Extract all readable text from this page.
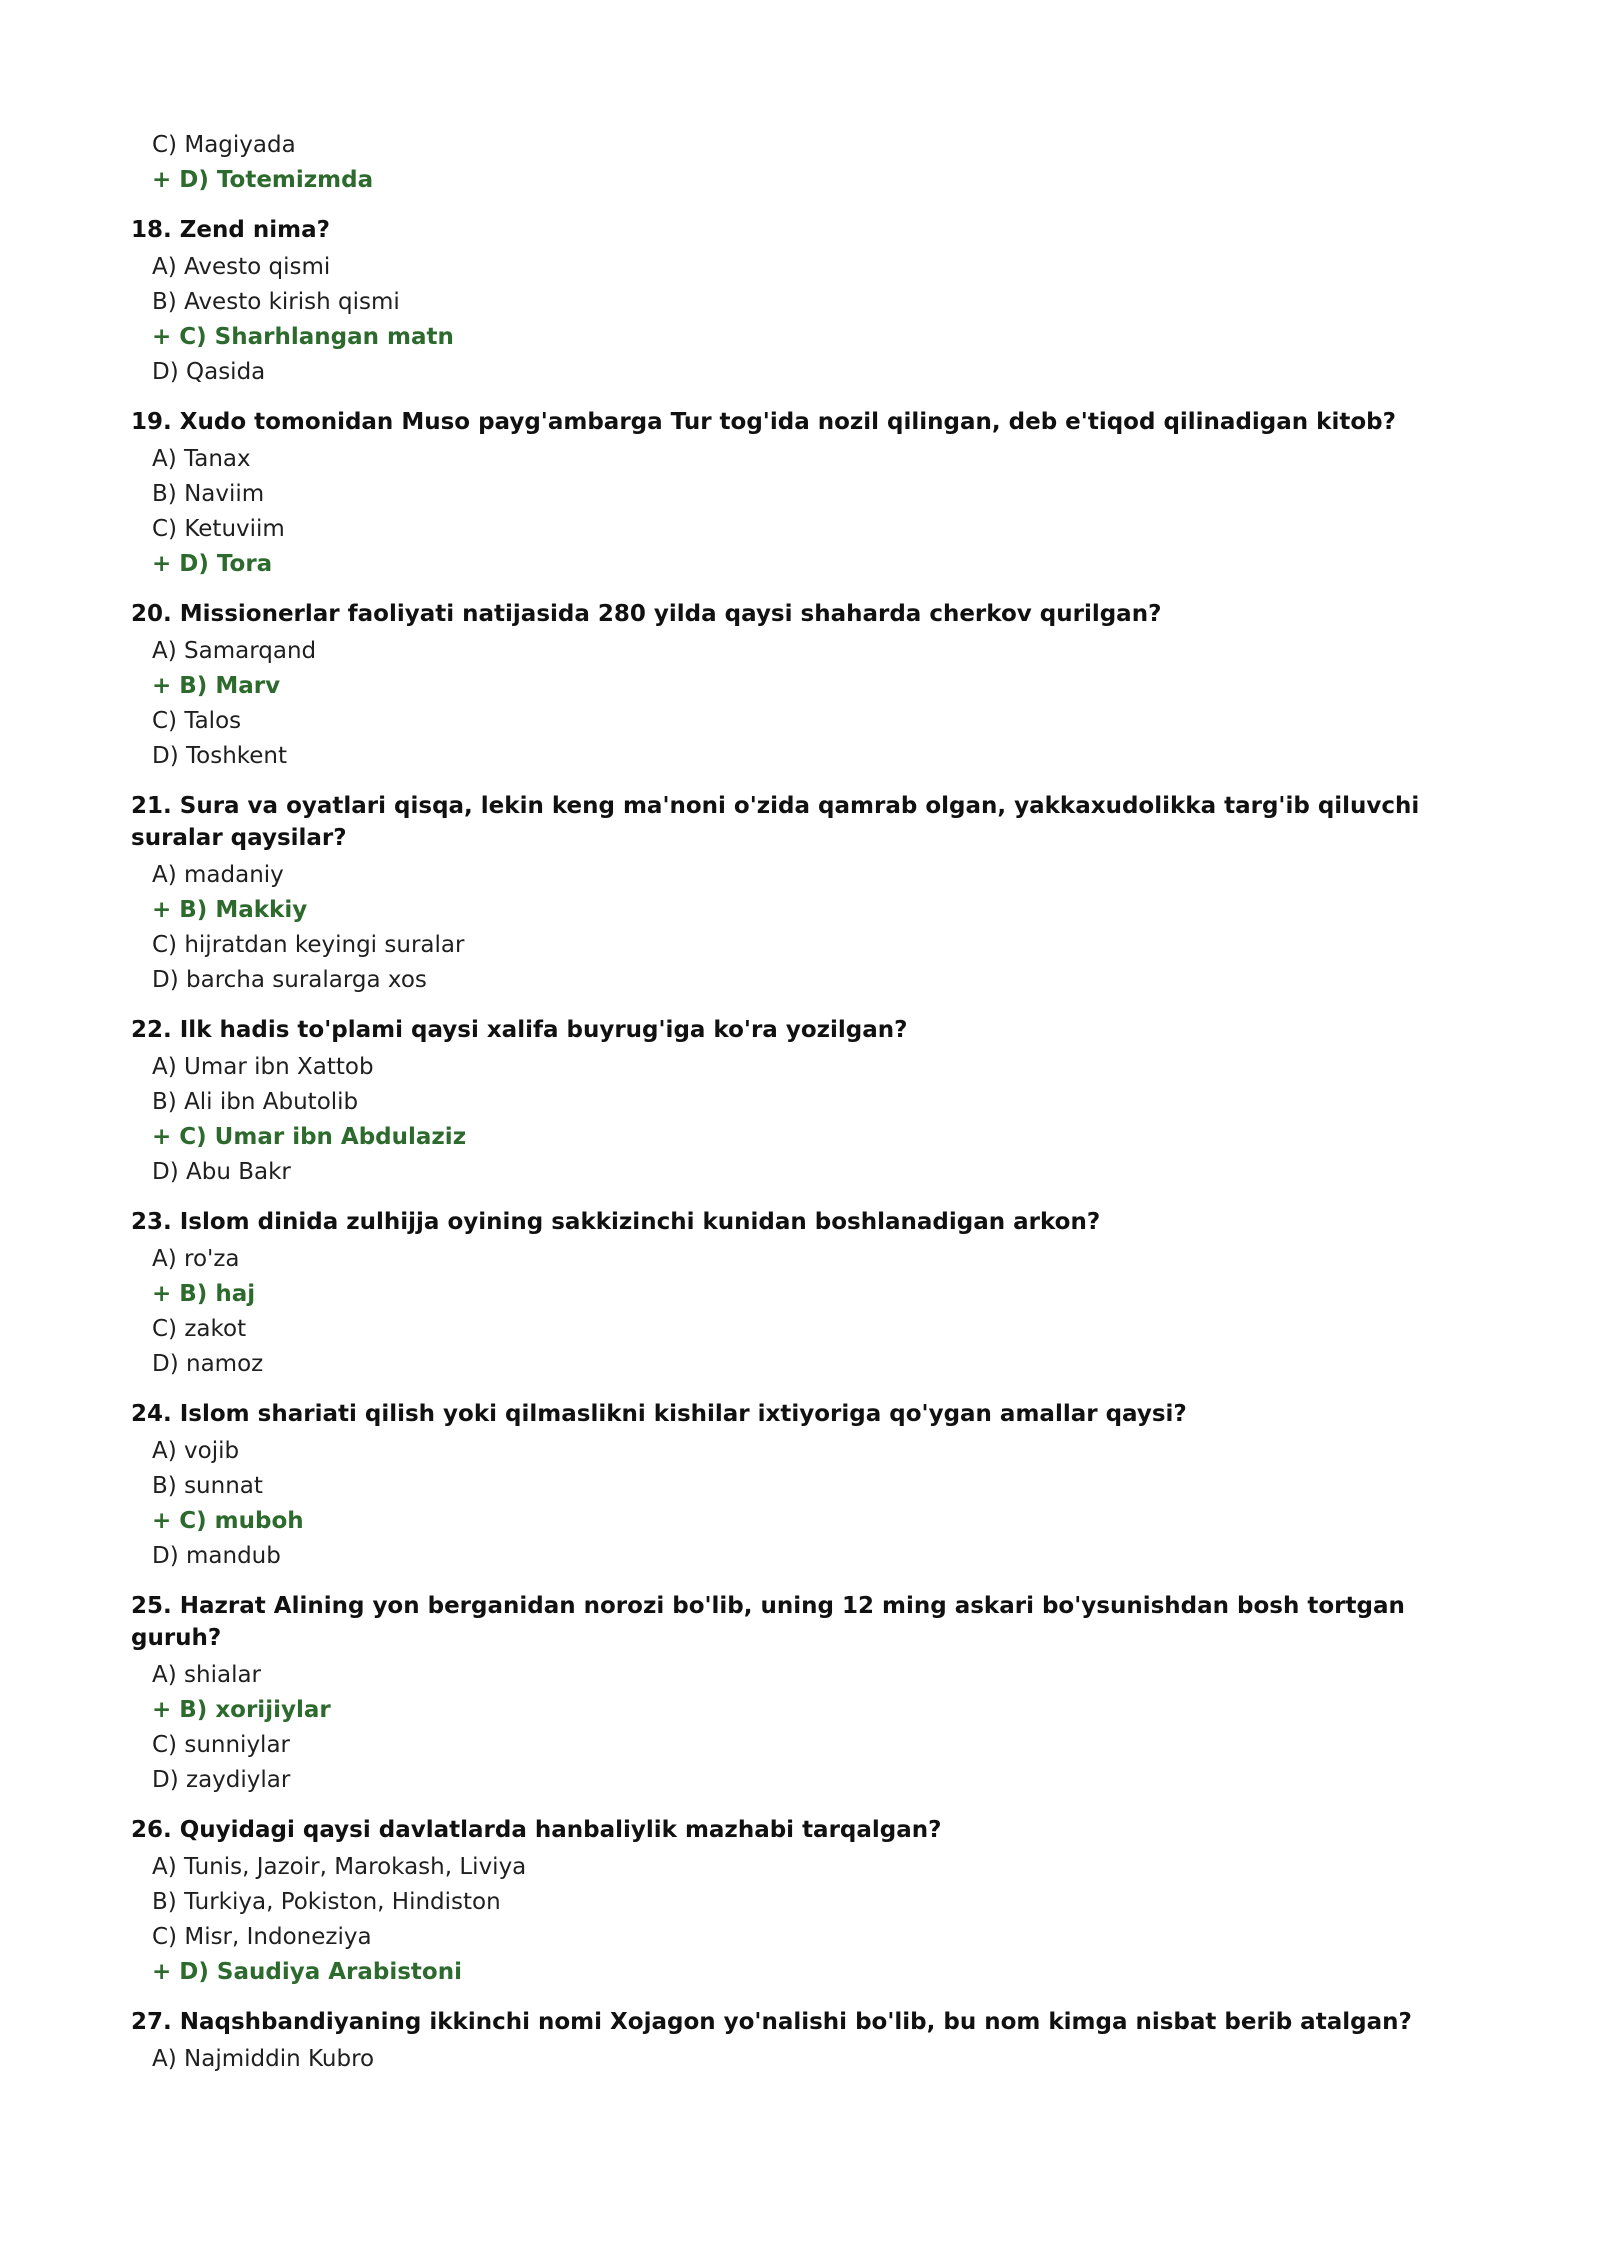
C) Magiyada
+ D) Totemizmda
18. Zend nima?
A) Avesto qismi
B) Avesto kirish qismi
+ C) Sharhlangan matn
D) Qasida
19. Xudo tomonidan Muso payg'ambarga Tur tog'ida nozil qilingan, deb e'tiqod qilinadigan kitob?
A) Tanax
B) Naviim
C) Ketuviim
+ D) Tora
20. Missionerlar faoliyati natijasida 280 yilda qaysi shaharda cherkov qurilgan?
A) Samarqand
+ B) Marv
C) Talos
D) Toshkent
21. Sura va oyatlari qisqa, lekin keng ma'noni o'zida qamrab olgan, yakkaxudolikka targ'ib qiluvchi suralar qaysilar?
A) madaniy
+ B) Makkiy
C) hijratdan keyingi suralar
D) barcha suralarga xos
22. Ilk hadis to'plami qaysi xalifa buyrug'iga ko'ra yozilgan?
A) Umar ibn Xattob
B) Ali ibn Abutolib
+ C) Umar ibn Abdulaziz
D) Abu Bakr
23. Islom dinida zulhijja oyining sakkizinchi kunidan boshlanadigan arkon?
A) ro'za
+ B) haj
C) zakot
D) namoz
24. Islom shariati qilish yoki qilmaslikni kishilar ixtiyoriga qo'ygan amallar qaysi?
A) vojib
B) sunnat
+ C) muboh
D) mandub
25. Hazrat Alining yon berganidan norozi bo'lib, uning 12 ming askari bo'ysunishdan bosh tortgan guruh?
A) shialar
+ B) xorijiylar
C) sunniylar
D) zaydiylar
26. Quyidagi qaysi davlatlarda hanbaliylik mazhabi tarqalgan?
A) Tunis, Jazoir, Marokash, Liviya
B) Turkiya, Pokiston, Hindiston
C) Misr, Indoneziya
+ D) Saudiya Arabistoni
27. Naqshbandiyaning ikkinchi nomi Xojagon yo'nalishi bo'lib, bu nom kimga nisbat berib atalgan?
A) Najmiddin Kubro
